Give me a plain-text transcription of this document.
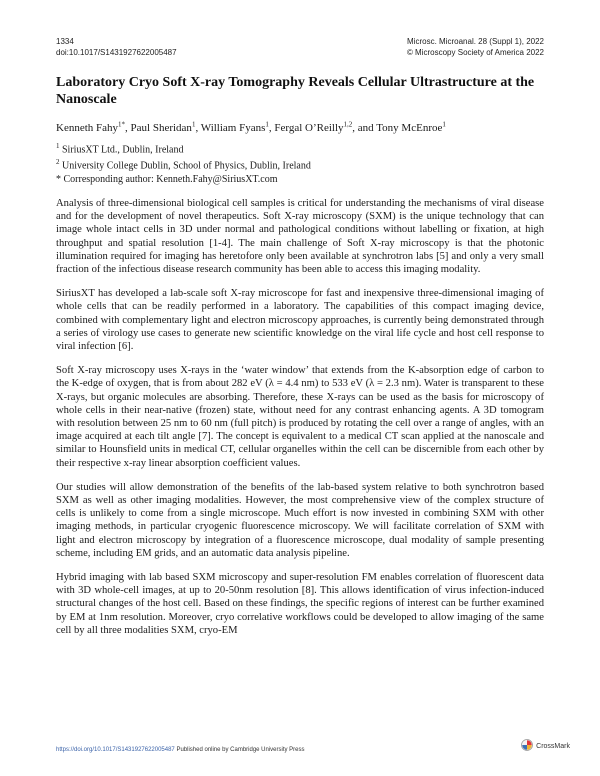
1334
doi:10.1017/S1431927622005487
Microsc. Microanal. 28 (Suppl 1), 2022
© Microscopy Society of America 2022
Laboratory Cryo Soft X-ray Tomography Reveals Cellular Ultrastructure at the Nanoscale
Kenneth Fahy$^{1*}$, Paul Sheridan$^1$, William Fyans$^1$, Fergal O’Reilly$^{1,2}$, and Tony McEnroe$^1$
$^1$ SiriusXT Ltd., Dublin, Ireland
$^2$ University College Dublin, School of Physics, Dublin, Ireland
* Corresponding author: Kenneth.Fahy@SiriusXT.com

Analysis of three-dimensional biological cell samples is critical for understanding the mechanisms of viral disease and for the development of novel therapeutics. Soft X-ray microscopy (SXM) is the unique technology that can image whole intact cells in 3D under normal and pathological conditions without labelling or fixation, at high throughput and spatial resolution [1-4]. The main challenge of Soft X-ray microscopy is that the photonic illumination required for imaging has heretofore only been available at synchrotron labs [5] and only a very small fraction of the infectious disease research community has been able to access this imaging modality.

SiriusXT has developed a lab-scale soft X-ray microscope for fast and inexpensive three-dimensional imaging of whole cells that can be readily performed in a laboratory. The capabilities of this compact imaging device, combined with complementary light and electron microscopy approaches, is currently being demonstrated through a series of virology use cases to generate new scientific knowledge on the viral life cycle and host cell response to viral infection [6].

Soft X-ray microscopy uses X-rays in the ‘water window’ that extends from the K-absorption edge of carbon to the K-edge of oxygen, that is from about 282 eV (λ = 4.4 nm) to 533 eV (λ = 2.3 nm). Water is transparent to these X-rays, but organic molecules are absorbing. Therefore, these X-rays can be used as the basis for microscopy of whole cells in their near-native (frozen) state, without need for any contrast enhancing agents. A 3D tomogram with resolution between 25 nm to 60 nm (full pitch) is produced by rotating the cell over a range of angles, with an image acquired at each tilt angle [7]. The concept is equivalent to a medical CT scan applied at the nanoscale and similar to Hounsfield units in medical CT, cellular organelles within the cell can be discernible from each other by their respective x-ray linear absorption coefficient values.

Our studies will allow demonstration of the benefits of the lab-based system relative to both synchrotron based SXM as well as other imaging modalities. However, the most comprehensive view of the complex structure of cells is unlikely to come from a single microscope. Much effort is now invested in combining SXM with other imaging methods, in particular cryogenic fluorescence microscopy. We will facilitate correlation of SXM with light and electron microscopy by integration of a fluorescence microscope, dual modality of sample presenting scheme, including EM grids, and an automatic data analysis pipeline.

Hybrid imaging with lab based SXM microscopy and super-resolution FM enables correlation of fluorescent data with 3D whole-cell images, at up to 20-50nm resolution [8]. This allows identification of virus infection-induced structural changes of the host cell. Based on these findings, the specific regions of interest can be further examined by EM at 1nm resolution. Moreover, cryo correlative workflows could be developed to allow imaging of the same cell by all three modalities SXM, cryo-EM

https://doi.org/10.1017/S1431927622005487 Published online by Cambridge University Press
CrossMark
